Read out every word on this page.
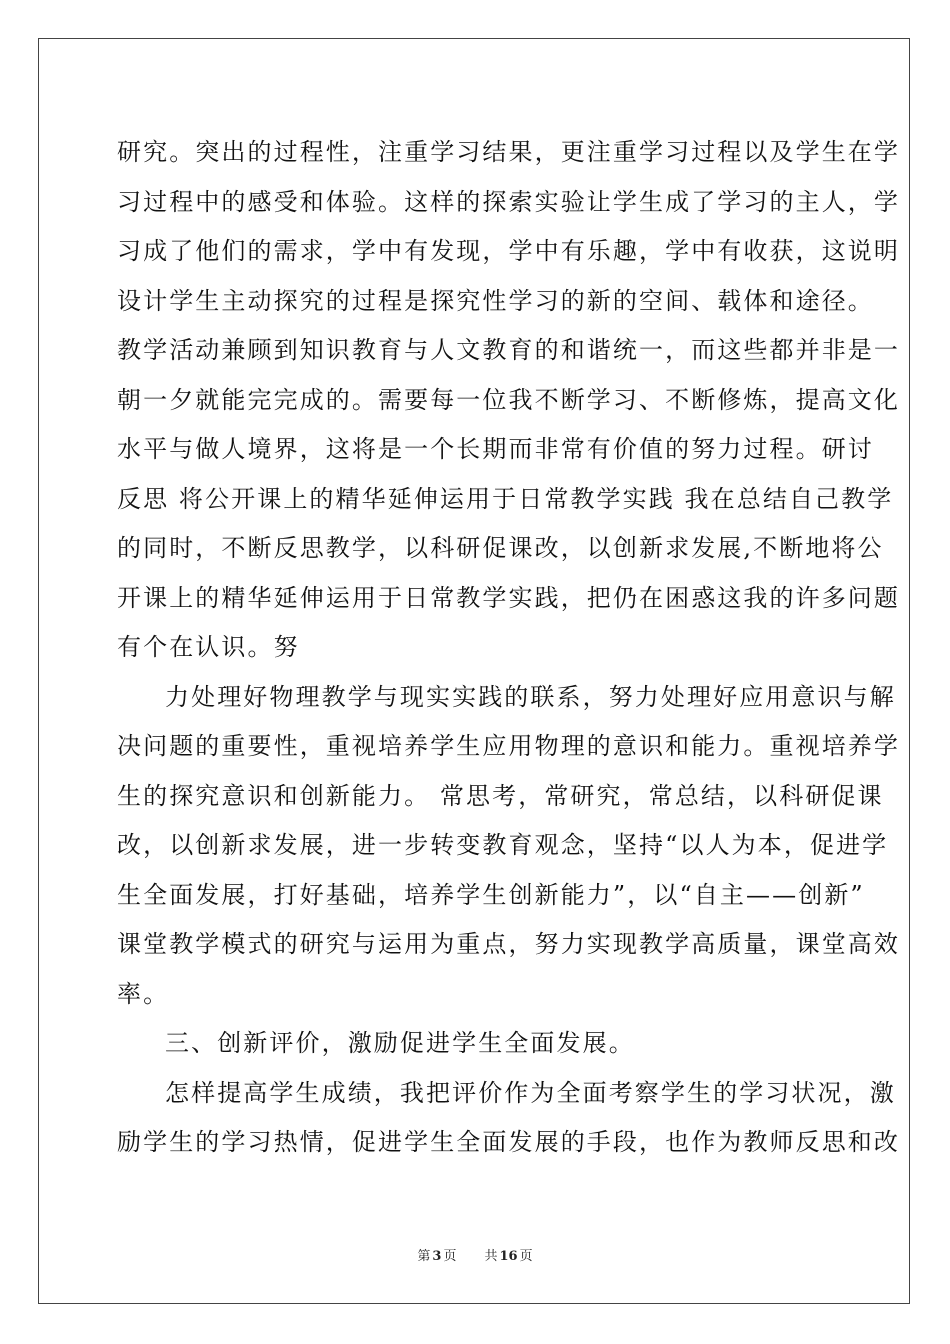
研究。突出的过程性，注重学习结果，更注重学习过程以及学生在学
习过程中的感受和体验。这样的探索实验让学生成了学习的主人，学
习成了他们的需求，学中有发现，学中有乐趣，学中有收获，这说明
设计学生主动探究的过程是探究性学习的新的空间、载体和途径。
教学活动兼顾到知识教育与人文教育的和谐统一，而这些都并非是一
朝一夕就能完完成的。需要每一位我不断学习、不断修炼，提高文化
水平与做人境界，这将是一个长期而非常有价值的努力过程。研讨
反思 将公开课上的精华延伸运用于日常教学实践 我在总结自己教学
的同时，不断反思教学，以科研促课改，以创新求发展,不断地将公
开课上的精华延伸运用于日常教学实践，把仍在困惑这我的许多问题
有个在认识。努
力处理好物理教学与现实实践的联系，努力处理好应用意识与解
决问题的重要性，重视培养学生应用物理的意识和能力。重视培养学
生的探究意识和创新能力。 常思考，常研究，常总结，以科研促课
改，以创新求发展，进一步转变教育观念，坚持“以人为本，促进学
生全面发展，打好基础，培养学生创新能力”，以“自主——创新”
课堂教学模式的研究与运用为重点，努力实现教学高质量，课堂高效
率。
三、创新评价，激励促进学生全面发展。
怎样提高学生成绩，我把评价作为全面考察学生的学习状况，激
励学生的学习热情，促进学生全面发展的手段，也作为教师反思和改
第 3 页 共 16 页
